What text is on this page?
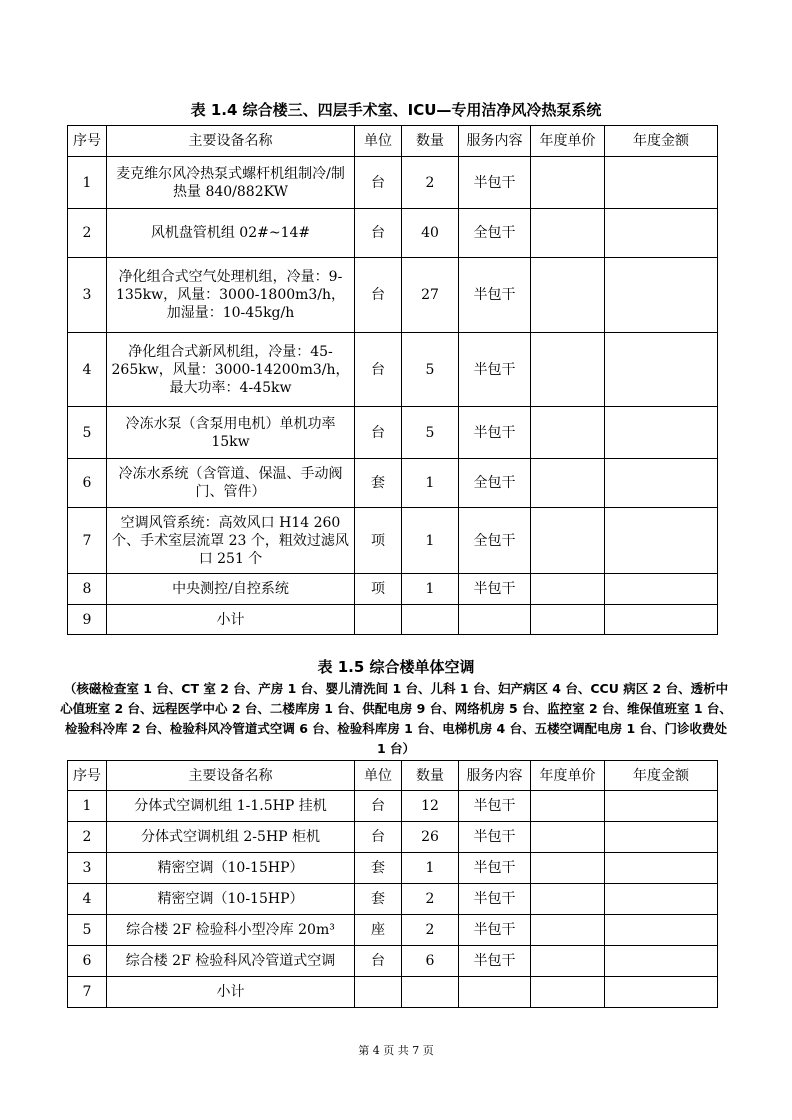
表 1.4 综合楼三、四层手术室、ICU—专用洁净风冷热泵系统
序号	主要设备名称	单位	数量	服务内容	年度单价	年度金额
1	麦克维尔风冷热泵式螺杆机组制冷/制热量 840/882KW	台	2	半包干		
2	风机盘管机组 02#~14#	台	40	全包干		
3	净化组合式空气处理机组，冷量：9-135kw，风量：3000-1800m3/h，加湿量：10-45kg/h	台	27	半包干		
4	净化组合式新风机组，冷量：45-265kw，风量：3000-14200m3/h，最大功率：4-45kw	台	5	半包干		
5	冷冻水泵（含泵用电机）单机功率15kw	台	5	半包干		
6	冷冻水系统（含管道、保温、手动阀门、管件）	套	1	全包干		
7	空调风管系统：高效风口 H14 260 个、手术室层流罩 23 个，粗效过滤风口 251 个	项	1	全包干		
8	中央测控/自控系统	项	1	半包干		
9	小计					
表 1.5 综合楼单体空调
（核磁检查室 1 台、CT 室 2 台、产房 1 台、婴儿清洗间 1 台、儿科 1 台、妇产病区 4 台、CCU 病区 2 台、透析中心值班室 2 台、远程医学中心 2 台、二楼库房 1 台、供配电房 9 台、网络机房 5 台、监控室 2 台、维保值班室 1 台、检验科冷库 2 台、检验科风冷管道式空调 6 台、检验科库房 1 台、电梯机房 4 台、五楼空调配电房 1 台、门诊收费处 1 台）
序号	主要设备名称	单位	数量	服务内容	年度单价	年度金额
1	分体式空调机组 1-1.5HP 挂机	台	12	半包干		
2	分体式空调机组 2-5HP 柜机	台	26	半包干		
3	精密空调（10-15HP）	套	1	半包干		
4	精密空调（10-15HP）	套	2	半包干		
5	综合楼 2F 检验科小型冷库 20m³	座	2	半包干		
6	综合楼 2F 检验科风冷管道式空调	台	6	半包干		
7	小计					
第 4 页 共 7 页
